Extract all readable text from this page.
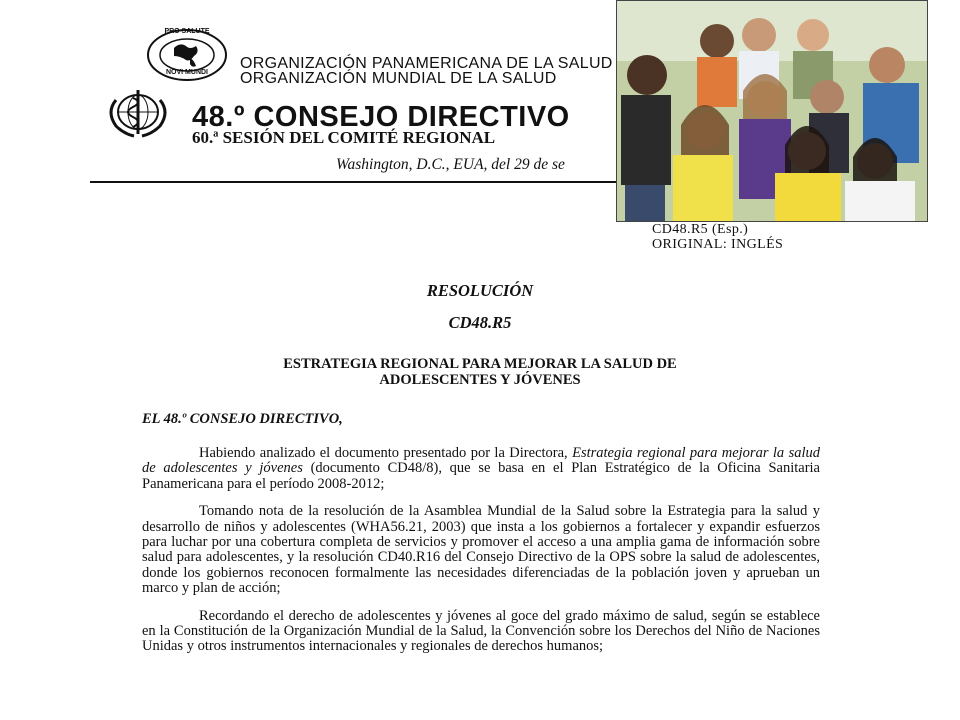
PRO SALUTE
NOVI MUNDI
ORGANIZACIÓN PANAMERICANA DE LA SALUD
ORGANIZACIÓN MUNDIAL DE LA SALUD
48.º CONSEJO DIRECTIVO
60.ª SESIÓN DEL COMITÉ REGIONAL
Washington, D.C., EUA, del 29 de se
CD48.R5 (Esp.)
ORIGINAL: INGLÉS
RESOLUCIÓN
CD48.R5
ESTRATEGIA REGIONAL PARA MEJORAR LA SALUD DE
ADOLESCENTES Y JÓVENES
EL 48.º CONSEJO DIRECTIVO,

Habiendo analizado el documento presentado por la Directora, Estrategia regional para mejorar la salud de adolescentes y jóvenes (documento CD48/8), que se basa en el Plan Estratégico de la Oficina Sanitaria Panamericana para el período 2008-2012;

Tomando nota de la resolución de la Asamblea Mundial de la Salud sobre la Estrategia para la salud y desarrollo de niños y adolescentes (WHA56.21, 2003) que insta a los gobiernos a fortalecer y expandir esfuerzos para luchar por una cobertura completa de servicios y promover el acceso a una amplia gama de información sobre salud para adolescentes, y la resolución CD40.R16 del Consejo Directivo de la OPS sobre la salud de adolescentes, donde los gobiernos reconocen formalmente las necesidades diferenciadas de la población joven y aprueban un marco y plan de acción;

Recordando el derecho de adolescentes y jóvenes al goce del grado máximo de salud, según se establece en la Constitución de la Organización Mundial de la Salud, la Convención sobre los Derechos del Niño de Naciones Unidas y otros instrumentos internacionales y regionales de derechos humanos;
